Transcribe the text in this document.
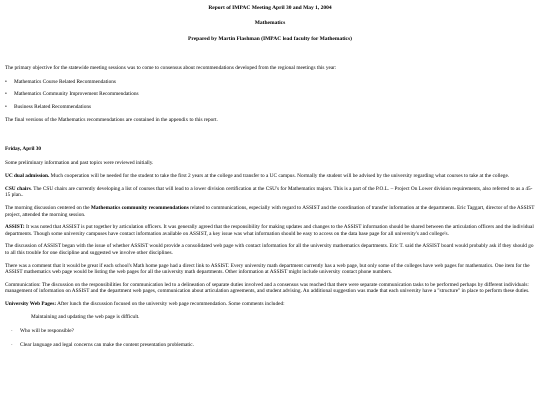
Report of IMPAC Meeting April 30 and May 1, 2004
Mathematics
Prepared by Martin Flashman (IMPAC lead faculty for Mathematics)

The primary objective for the statewide meeting sessions was to come to consensus about recommendations developed from the regional meetings this year:

•	Mathematics Course Related Recommendations
•	Mathematics Community Improvement Recommendations
•	Business Related Recommendations

The final versions of the Mathematics recommendations are contained in the appendix to this report.

Friday, April 30

Some preliminary information and past topics were reviewed initially.

UC dual admission. Much cooperation will be needed for the student to take the first 2 years at the college and transfer to a UC campus. Normally the student will be advised by the university regarding what courses to take at the college.

CSU chairs. The CSU chairs are currently developing a list of courses that will lead to a lower division certification at the CSU's for Mathematics majors. This is a part of the P.O.L. – Project On Lower division requirements, also referred to as a 45-15 plan..

The morning discussion centered on the Mathematics community recommendations related to communications, especially with regard to ASSIST and the coordination of transfer information at the departments. Eric Taggart, director of the ASSIST project, attended the morning session.

ASSIST: It was noted that ASSIST is put together by articulation officers. It was generally agreed that the responsibility for making updates and changes to the ASSIST information should be shared between the articulation officers and the individual departments. Though some university campuses have contact information available on ASSIST, a key issue was what information should be easy to access on the data base page for all university's and college's.

The discussion of ASSIST began with the issue of whether ASSIST would provide a consolidated web page with contact information for all the university mathematics departments. Eric T. said the ASSIST board would probably ask if they should go to all this trouble for one discipline and suggested we involve other disciplines.

There was a comment that it would be great if each school's Math home page had a direct link to ASSIST. Every university math department currently has a web page, but only some of the colleges have web pages for mathematics. One item for the ASSIST mathematics web page would be listing the web pages for all the university math departments. Other information at ASSIST might include university contact phone numbers.

Communication: The discussion on the responsibilities for communication led to a delineation of separate duties involved and a consensus was reached that there were separate communication tasks to be performed perhaps by different individuals: management of information on ASSIST and the department web pages, communication about articulation agreements, and student advising. An additional suggestion was made that each university have a "structure" in place to perform these duties.

University Web Pages: After lunch the discussion focused on the university web page recommendation. Some comments included:

Maintaining and updating the web page is difficult.

·	Who will be responsible?
·	Clear language and legal concerns can make the content presentation problematic.
